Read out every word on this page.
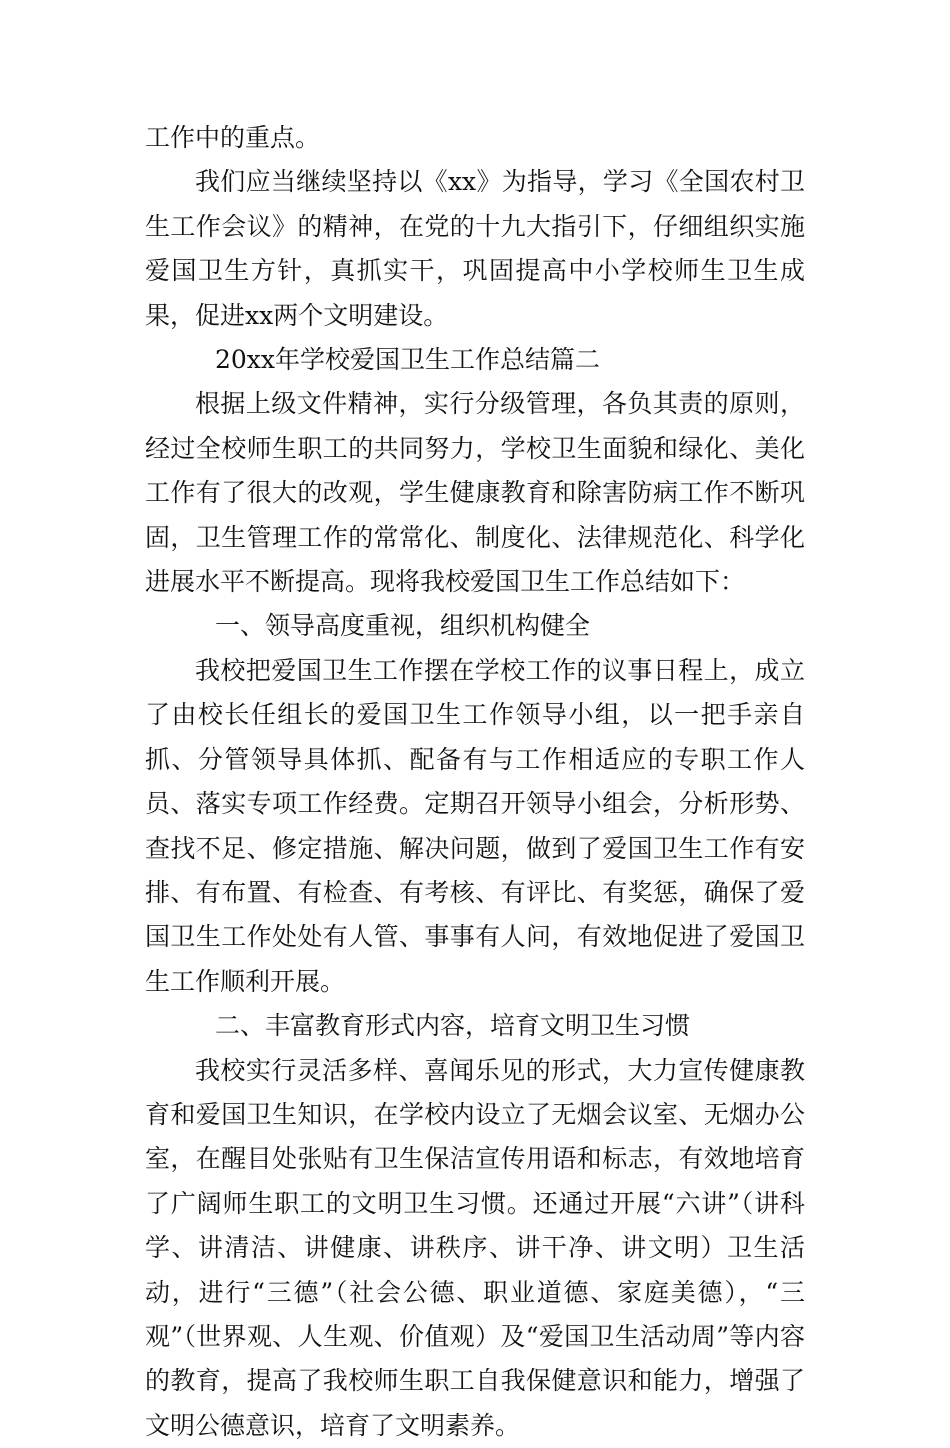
工作中的重点。

我们应当继续坚持以《xx》为指导，学习《全国农村卫生工作会议》的精神，在党的十九大指引下，仔细组织实施爱国卫生方针，真抓实干，巩固提高中小学校师生卫生成果，促进xx两个文明建设。

20xx年学校爱国卫生工作总结篇二

根据上级文件精神，实行分级管理，各负其责的原则，经过全校师生职工的共同努力，学校卫生面貌和绿化、美化工作有了很大的改观，学生健康教育和除害防病工作不断巩固，卫生管理工作的常常化、制度化、法律规范化、科学化进展水平不断提高。现将我校爱国卫生工作总结如下：

一、领导高度重视，组织机构健全

我校把爱国卫生工作摆在学校工作的议事日程上，成立了由校长任组长的爱国卫生工作领导小组，以一把手亲自抓、分管领导具体抓、配备有与工作相适应的专职工作人员、落实专项工作经费。定期召开领导小组会，分析形势、查找不足、修定措施、解决问题，做到了爱国卫生工作有安排、有布置、有检查、有考核、有评比、有奖惩，确保了爱国卫生工作处处有人管、事事有人问，有效地促进了爱国卫生工作顺利开展。

二、丰富教育形式内容，培育文明卫生习惯

我校实行灵活多样、喜闻乐见的形式，大力宣传健康教育和爱国卫生知识，在学校内设立了无烟会议室、无烟办公室，在醒目处张贴有卫生保洁宣传用语和标志，有效地培育了广阔师生职工的文明卫生习惯。还通过开展“六讲”（讲科学、讲清洁、讲健康、讲秩序、讲干净、讲文明）卫生活动，进行“三德”（社会公德、职业道德、家庭美德），“三观”（世界观、人生观、价值观）及“爱国卫生活动周”等内容的教育，提高了我校师生职工自我保健意识和能力，增强了文明公德意识，培育了文明素养。
